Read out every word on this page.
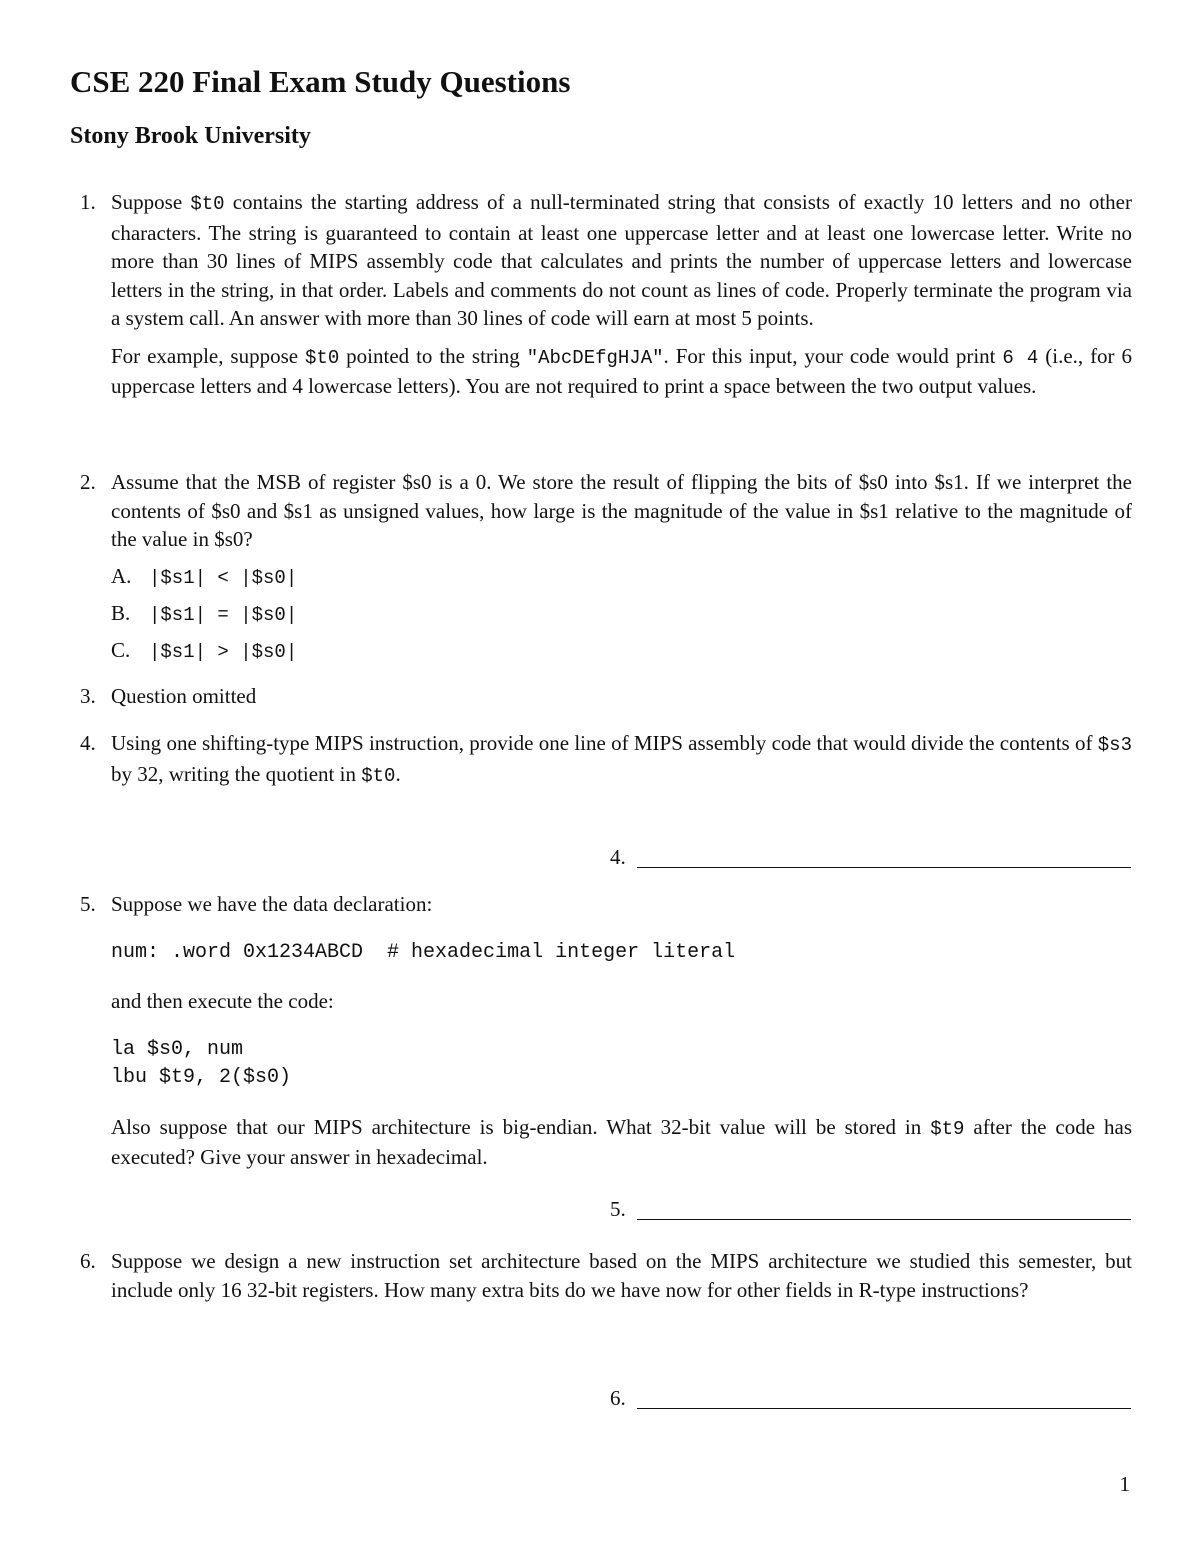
CSE 220 Final Exam Study Questions
Stony Brook University
1. Suppose $t0 contains the starting address of a null-terminated string that consists of exactly 10 letters and no other characters. The string is guaranteed to contain at least one uppercase letter and at least one lowercase letter. Write no more than 30 lines of MIPS assembly code that calculates and prints the number of uppercase letters and lowercase letters in the string, in that order. Labels and comments do not count as lines of code. Properly terminate the program via a system call. An answer with more than 30 lines of code will earn at most 5 points.

For example, suppose $t0 pointed to the string "AbcDEfgHJA". For this input, your code would print 6 4 (i.e., for 6 uppercase letters and 4 lowercase letters). You are not required to print a space between the two output values.

2. Assume that the MSB of register $s0 is a 0. We store the result of flipping the bits of $s0 into $s1. If we interpret the contents of $s0 and $s1 as unsigned values, how large is the magnitude of the value in $s1 relative to the magnitude of the value in $s0?

A. |$s1| < |$s0|
B. |$s1| = |$s0|
C. |$s1| > |$s0|
3. Question omitted

4. Using one shifting-type MIPS instruction, provide one line of MIPS assembly code that would divide the contents of $s3 by 32, writing the quotient in $t0.

4.
5. Suppose we have the data declaration:

num: .word 0x1234ABCD  # hexadecimal integer literal

and then execute the code:

la $s0, num
lbu $t9, 2($s0)

Also suppose that our MIPS architecture is big-endian. What 32-bit value will be stored in $t9 after the code has executed? Give your answer in hexadecimal.

5.
6. Suppose we design a new instruction set architecture based on the MIPS architecture we studied this semester, but include only 16 32-bit registers. How many extra bits do we have now for other fields in R-type instructions?

6.
1
